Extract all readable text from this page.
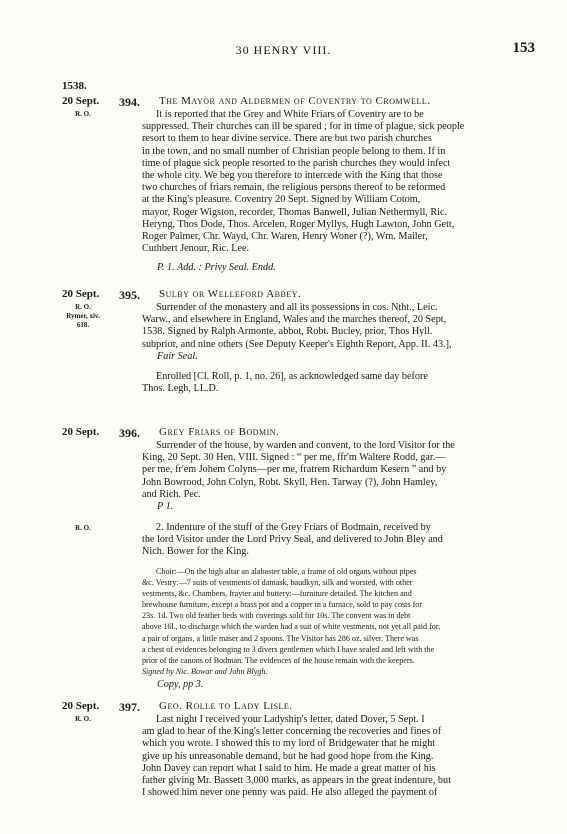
30 HENRY VIII.	153
1538.
20 Sept. 394. The Mayor and Aldermen of Coventry to Cromwell.
R. O.	It is reported that the Grey and White Friars of Coventry are to be
suppressed. Their churches can ill be spared ; for in time of plague, sick people
resort to them to hear divine service. There are but two parish churches
in the town, and no small number of Christian people belong to them. If in
time of plague sick people resorted to the parish churches they would infect
the whole city. We beg you therefore to intercede with the King that those
two churches of friars remain, the religious persons thereof to be reformed
at the King's pleasure. Coventry 20 Sept. Signed by William Cotom,
mayor, Roger Wigston, recorder, Thomas Banwell, Julian Nethermyll, Ric.
Heryng, Thos Dode, Thos. Arcelen, Roger Myllys, Hugh Lawton, John Gett,
Roger Palmer, Chr. Wayd, Chr. Waren, Henry Woner (?), Wm. Mailer,
Cuthbert Jenour, Ric. Lee.
P. 1. Add. : Privy Seal. Endd.
20 Sept. 395. Sulby or Welleford Abbey.
R. O.
Rymer, xiv.
618.
Surrender of the monastery and all its possessions in cos. Ntht., Leic.
Warw., and elsewhere in England, Wales and the marches thereof, 20 Sept,
1538. Signed by Ralph Armonte, abbot, Robt. Bucley, prior, Thos Hyll.
subprior, and nine others (See Deputy Keeper's Eighth Report, App. II. 43.],
Fair Seal.
Enrolled [Cl. Roll, p. 1, no. 26], as acknowledged same day before
Thos. Legh, LL.D.
20 Sept. 396. Grey Friars of Bodmin.
Surrender of the house, by warden and convent, to the lord Visitor for the
King, 20 Sept. 30 Hen. VIII. Signed : “ per me, ffr'm Waltere Rodd, gar.—
per me, fr'em Johem Colyns—per me, fratrem Richardum Kesern ” and by
John Bowrood, John Colyn, Robt. Skyll, Hen. Tarway (?), John Hamley,
and Rich. Pec.
P 1.
R. O.	2. Indenture of the stuff of the Grey Friars of Bodmain, received by
the lord Visitor under the Lord Privy Seal, and delivered to John Bley and
Nich. Bower for the King.
Choir:—On the high altar an alabaster table, a frame of old organs without pipes
&c. Vestry:—7 suits of vestments of damask, baudkyn, silk and worsted, with other
vestments, &c. Chambers, frayter and buttery:—furniture detailed. The kitchen and
brewhouse furniture, except a brass pot and a copper in a furnace, sold to pay costs for
23s. 1d. Two old feather beds with coverings sold for 10s. The convent was in debt
above 16l., to discharge which the warden had a suit of white vestments, not yet all paid for,
a pair of organs, a little maser and 2 spoons. The Visitor has 286 oz. silver. There was
a chest of evidences belonging to 3 divers gentlemen which I have sealed and left with the
prior of the canons of Bodman. The evidences of the house remain with the keepers.
Signed by Nic. Bowar and John Blygh.
Copy, pp 3.
20 Sept. 397. Geo. Rolle to Lady Lisle.
R. O.	Last night I received your Ladyship's letter, dated Dover, 5 Sept. I
am glad to hear of the King's letter concerning the recoveries and fines of
which you wrote. I showed this to my lord of Bridgewater that he might
give up his unreasonable demand, but he had good hope from the King.
John Davey can report what I said to him. He made a great matter of his
father giving Mr. Bassett 3,000 marks, as appears in the great indenture, but
I showed him never one penny was paid. He also alleged the payment of
